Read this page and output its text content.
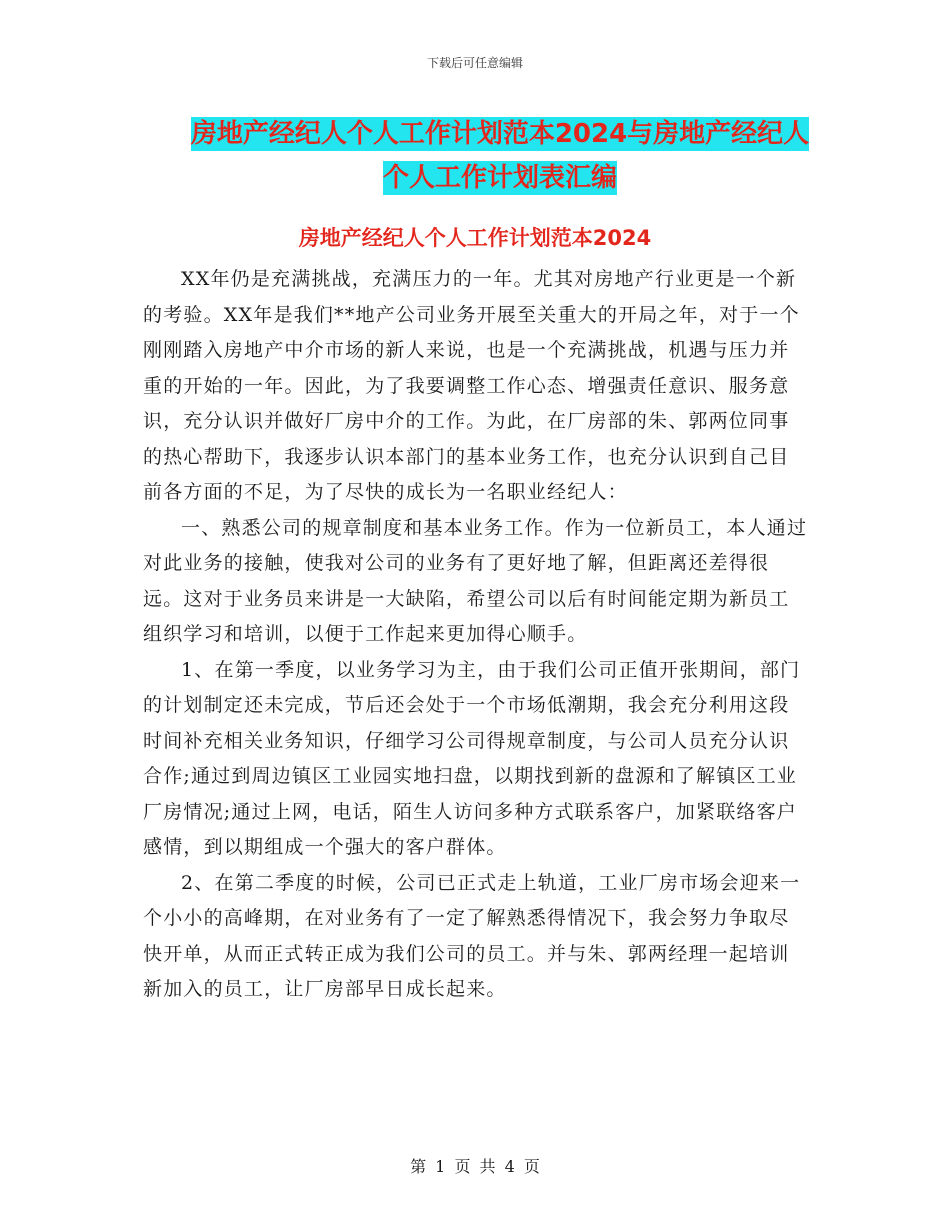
下载后可任意编辑
房地产经纪人个人工作计划范本2024与房地产经纪人
个人工作计划表汇编
房地产经纪人个人工作计划范本2024

XX年仍是充满挑战，充满压力的一年。尤其对房地产行业更是一个新的考验。XX年是我们**地产公司业务开展至关重大的开局之年，对于一个刚刚踏入房地产中介市场的新人来说，也是一个充满挑战，机遇与压力并重的开始的一年。因此，为了我要调整工作心态、增强责任意识、服务意识，充分认识并做好厂房中介的工作。为此，在厂房部的朱、郭两位同事的热心帮助下，我逐步认识本部门的基本业务工作，也充分认识到自己目前各方面的不足，为了尽快的成长为一名职业经纪人：

一、熟悉公司的规章制度和基本业务工作。作为一位新员工，本人通过对此业务的接触，使我对公司的业务有了更好地了解，但距离还差得很远。这对于业务员来讲是一大缺陷，希望公司以后有时间能定期为新员工组织学习和培训，以便于工作起来更加得心顺手。

1、在第一季度，以业务学习为主，由于我们公司正值开张期间，部门的计划制定还未完成，节后还会处于一个市场低潮期，我会充分利用这段时间补充相关业务知识，仔细学习公司得规章制度，与公司人员充分认识合作;通过到周边镇区工业园实地扫盘，以期找到新的盘源和了解镇区工业厂房情况;通过上网，电话，陌生人访问多种方式联系客户，加紧联络客户感情，到以期组成一个强大的客户群体。

2、在第二季度的时候，公司已正式走上轨道，工业厂房市场会迎来一个小小的高峰期，在对业务有了一定了解熟悉得情况下，我会努力争取尽快开单，从而正式转正成为我们公司的员工。并与朱、郭两经理一起培训新加入的员工，让厂房部早日成长起来。

第 1 页 共 4 页
